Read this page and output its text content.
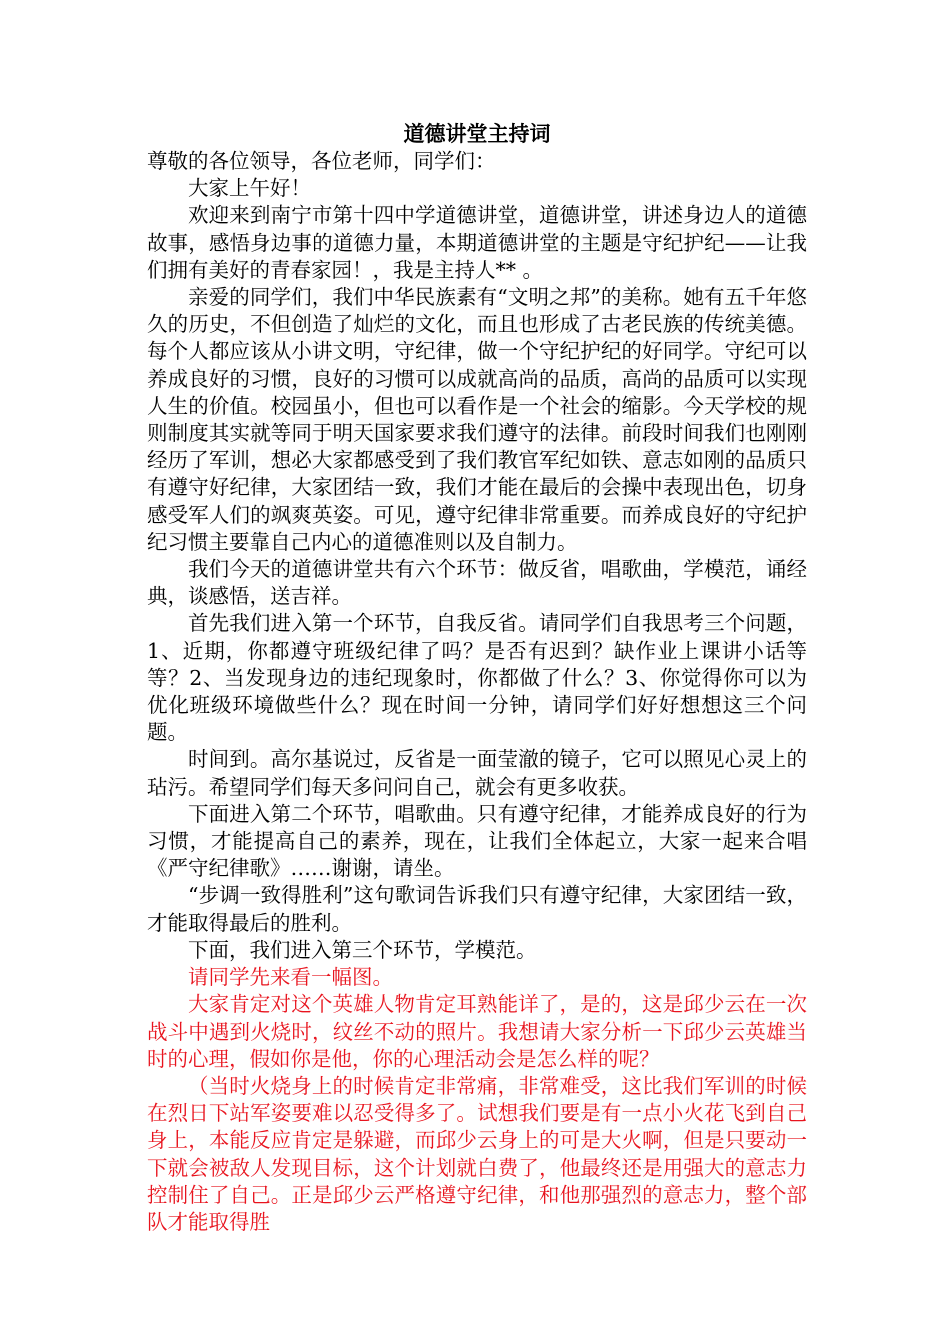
道德讲堂主持词

尊敬的各位领导，各位老师，同学们：

大家上午好！

欢迎来到南宁市第十四中学道德讲堂，道德讲堂，讲述身边人的道德故事，感悟身边事的道德力量，本期道德讲堂的主题是守纪护纪——让我们拥有美好的青春家园！，我是主持人** 。

亲爱的同学们，我们中华民族素有“文明之邦”的美称。她有五千年悠久的历史，不但创造了灿烂的文化，而且也形成了古老民族的传统美德。每个人都应该从小讲文明，守纪律，做一个守纪护纪的好同学。守纪可以养成良好的习惯，良好的习惯可以成就高尚的品质，高尚的品质可以实现人生的价值。校园虽小，但也可以看作是一个社会的缩影。今天学校的规则制度其实就等同于明天国家要求我们遵守的法律。前段时间我们也刚刚经历了军训，想必大家都感受到了我们教官军纪如铁、意志如刚的品质只有遵守好纪律，大家团结一致，我们才能在最后的会操中表现出色，切身感受军人们的飒爽英姿。可见，遵守纪律非常重要。而养成良好的守纪护纪习惯主要靠自己内心的道德准则以及自制力。

我们今天的道德讲堂共有六个环节：做反省，唱歌曲，学模范，诵经典，谈感悟，送吉祥。

首先我们进入第一个环节，自我反省。请同学们自我思考三个问题，1、近期，你都遵守班级纪律了吗？是否有迟到？缺作业上课讲小话等等？2、当发现身边的违纪现象时，你都做了什么？3、你觉得你可以为优化班级环境做些什么？现在时间一分钟，请同学们好好想想这三个问题。

时间到。高尔基说过，反省是一面莹澈的镜子，它可以照见心灵上的玷污。希望同学们每天多问问自己，就会有更多收获。

下面进入第二个环节，唱歌曲。只有遵守纪律，才能养成良好的行为习惯，才能提高自己的素养，现在，让我们全体起立，大家一起来合唱《严守纪律歌》……谢谢，请坐。

“步调一致得胜利”这句歌词告诉我们只有遵守纪律，大家团结一致，才能取得最后的胜利。

下面，我们进入第三个环节，学模范。

请同学先来看一幅图。

大家肯定对这个英雄人物肯定耳熟能详了，是的，这是邱少云在一次战斗中遇到火烧时，纹丝不动的照片。我想请大家分析一下邱少云英雄当时的心理，假如你是他，你的心理活动会是怎么样的呢？

（当时火烧身上的时候肯定非常痛，非常难受，这比我们军训的时候在烈日下站军姿要难以忍受得多了。试想我们要是有一点小火花飞到自己身上，本能反应肯定是躲避，而邱少云身上的可是大火啊，但是只要动一下就会被敌人发现目标，这个计划就白费了，他最终还是用强大的意志力控制住了自己。正是邱少云严格遵守纪律，和他那强烈的意志力，整个部队才能取得胜
